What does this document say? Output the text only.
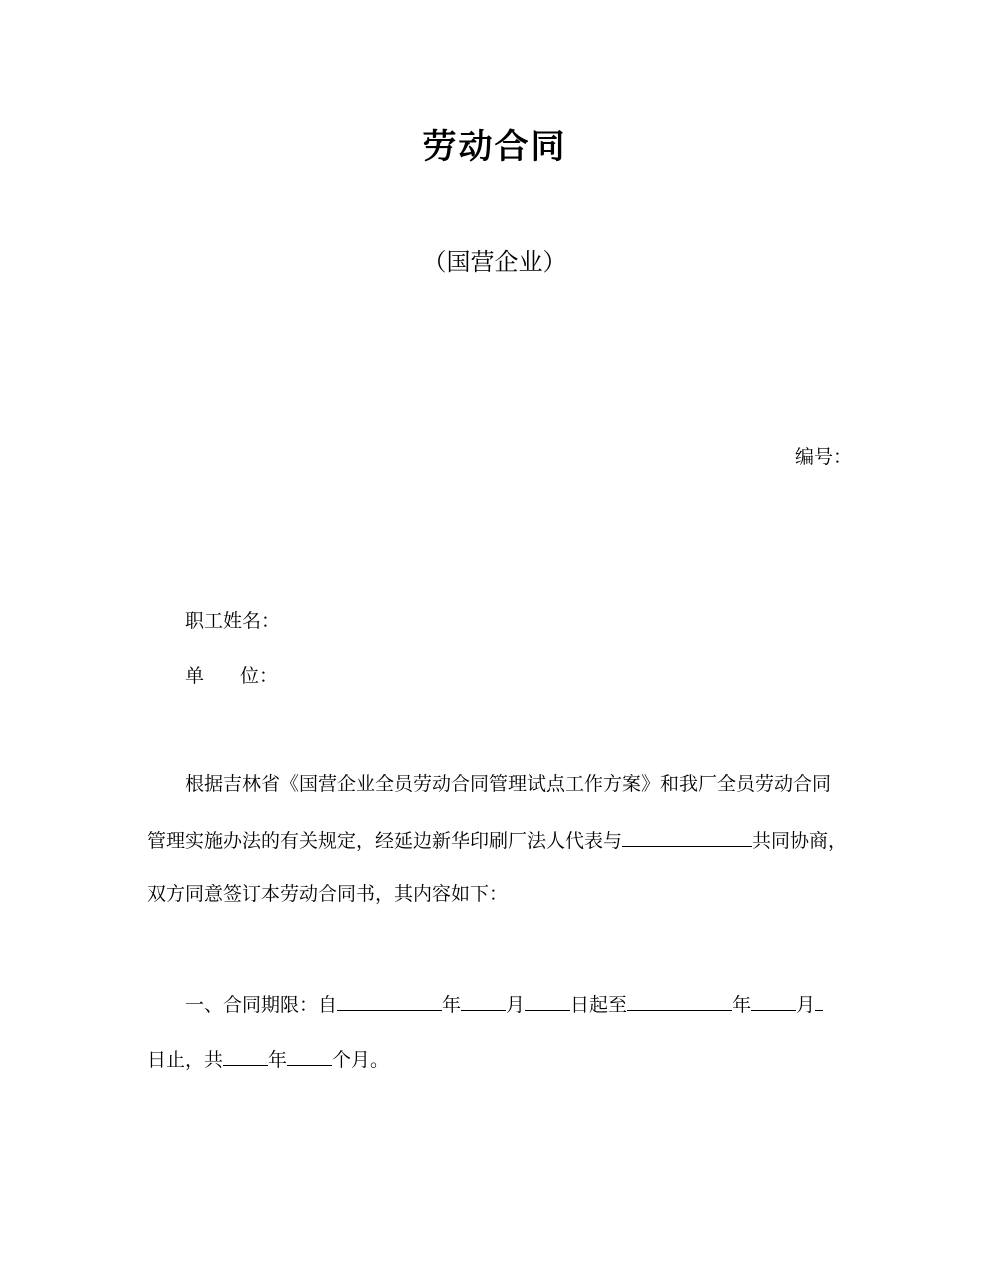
劳动合同
（国营企业）
编号：
职工姓名：
单 位：
根据吉林省《国营企业全员劳动合同管理试点工作方案》和我厂全员劳动合同
管理实施办法的有关规定，经延边新华印刷厂法人代表与	共同协商，
双方同意签订本劳动合同书，其内容如下：
一、合同期限：自	年 月 日起至	年 月
日止，共 年 个月。
